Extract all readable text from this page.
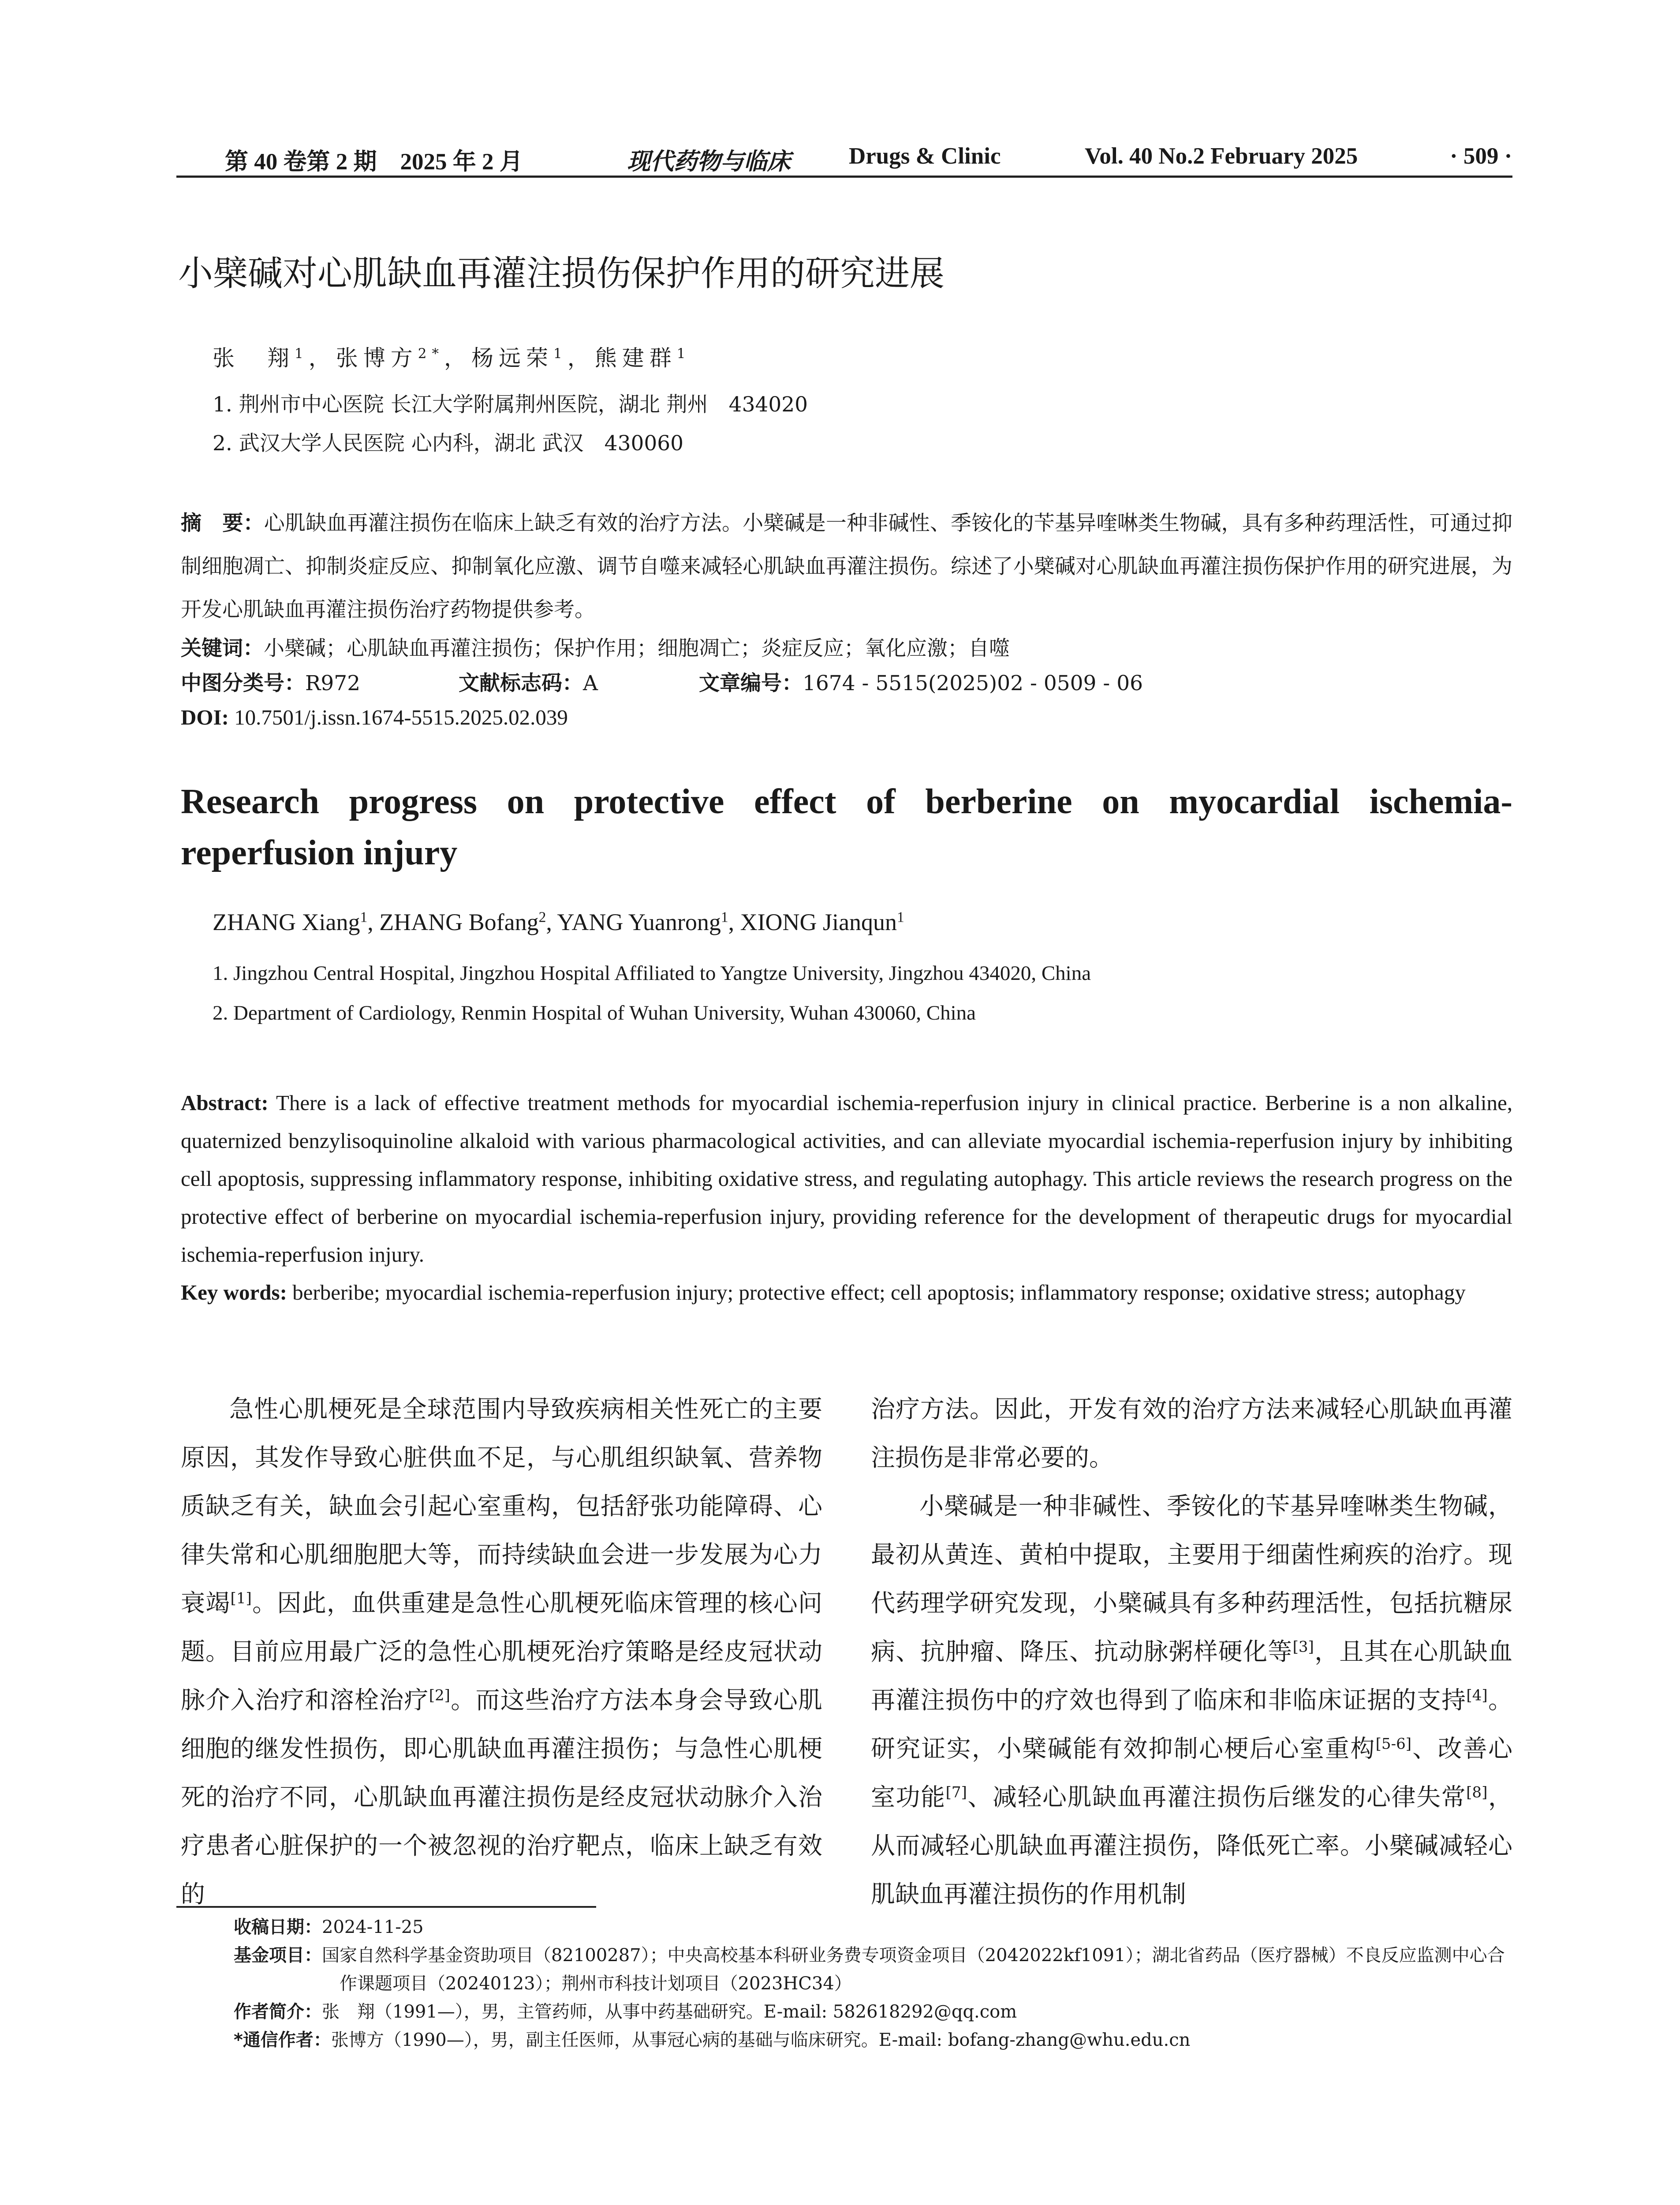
第 40 卷第 2 期　2025 年 2 月	现代药物与临床 Drugs & Clinic	Vol. 40 No.2 February 2025	· 509 ·
小檗碱对心肌缺血再灌注损伤保护作用的研究进展
张　翔$^1$，张博方$^{2*}$，杨远荣$^1$，熊建群$^1$
1. 荆州市中心医院 长江大学附属荆州医院，湖北 荆州　434020
2. 武汉大学人民医院 心内科，湖北 武汉　430060

摘　要：心肌缺血再灌注损伤在临床上缺乏有效的治疗方法。小檗碱是一种非碱性、季铵化的苄基异喹啉类生物碱，具有多种药理活性，可通过抑制细胞凋亡、抑制炎症反应、抑制氧化应激、调节自噬来减轻心肌缺血再灌注损伤。综述了小檗碱对心肌缺血再灌注损伤保护作用的研究进展，为开发心肌缺血再灌注损伤治疗药物提供参考。

关键词：小檗碱；心肌缺血再灌注损伤；保护作用；细胞凋亡；炎症反应；氧化应激；自噬

中图分类号：R972	文献标志码：A	文章编号：1674 - 5515(2025)02 - 0509 - 06
DOI: 10.7501/j.issn.1674-5515.2025.02.039

Research progress on protective effect of berberine on myocardial ischemia-

reperfusion injury

ZHANG Xiang$^1$, ZHANG Bofang$^2$, YANG Yuanrong$^1$, XIONG Jianqun$^1$
1. Jingzhou Central Hospital, Jingzhou Hospital Affiliated to Yangtze University, Jingzhou 434020, China
2. Department of Cardiology, Renmin Hospital of Wuhan University, Wuhan 430060, China

Abstract: There is a lack of effective treatment methods for myocardial ischemia-reperfusion injury in clinical practice. Berberine is a non alkaline, quaternized benzylisoquinoline alkaloid with various pharmacological activities, and can alleviate myocardial ischemia-reperfusion injury by inhibiting cell apoptosis, suppressing inflammatory response, inhibiting oxidative stress, and regulating autophagy. This article reviews the research progress on the protective effect of berberine on myocardial ischemia-reperfusion injury, providing reference for the development of therapeutic drugs for myocardial ischemia-reperfusion injury.

Key words: berberibe; myocardial ischemia-reperfusion injury; protective effect; cell apoptosis; inflammatory response; oxidative stress; autophagy

急性心肌梗死是全球范围内导致疾病相关性死亡的主要原因，其发作导致心脏供血不足，与心肌组织缺氧、营养物质缺乏有关，缺血会引起心室重构，包括舒张功能障碍、心律失常和心肌细胞肥大等，而持续缺血会进一步发展为心力衰竭[1]。因此，血供重建是急性心肌梗死临床管理的核心问题。目前应用最广泛的急性心肌梗死治疗策略是经皮冠状动脉介入治疗和溶栓治疗[2]。而这些治疗方法本身会导致心肌细胞的继发性损伤，即心肌缺血再灌注损伤；与急性心肌梗死的治疗不同，心肌缺血再灌注损伤是经皮冠状动脉介入治疗患者心脏保护的一个被忽视的治疗靶点，临床上缺乏有效的

治疗方法。因此，开发有效的治疗方法来减轻心肌缺血再灌注损伤是非常必要的。

小檗碱是一种非碱性、季铵化的苄基异喹啉类生物碱，最初从黄连、黄柏中提取，主要用于细菌性痢疾的治疗。现代药理学研究发现，小檗碱具有多种药理活性，包括抗糖尿病、抗肿瘤、降压、抗动脉粥样硬化等[3]，且其在心肌缺血再灌注损伤中的疗效也得到了临床和非临床证据的支持[4]。研究证实，小檗碱能有效抑制心梗后心室重构[5-6]、改善心室功能[7]、减轻心肌缺血再灌注损伤后继发的心律失常[8]，从而减轻心肌缺血再灌注损伤，降低死亡率。小檗碱减轻心肌缺血再灌注损伤的作用机制

收稿日期：2024-11-25

基金项目：国家自然科学基金资助项目（82100287）；中央高校基本科研业务费专项资金项目（2042022kf1091）；湖北省药品（医疗器械）不良反应监测中心合作课题项目（20240123）；荆州市科技计划项目（2023HC34）

作者简介：张　翔（1991—），男，主管药师，从事中药基础研究。E-mail: 582618292@qq.com

*通信作者：张博方（1990—），男，副主任医师，从事冠心病的基础与临床研究。E-mail: bofang-zhang@whu.edu.cn
